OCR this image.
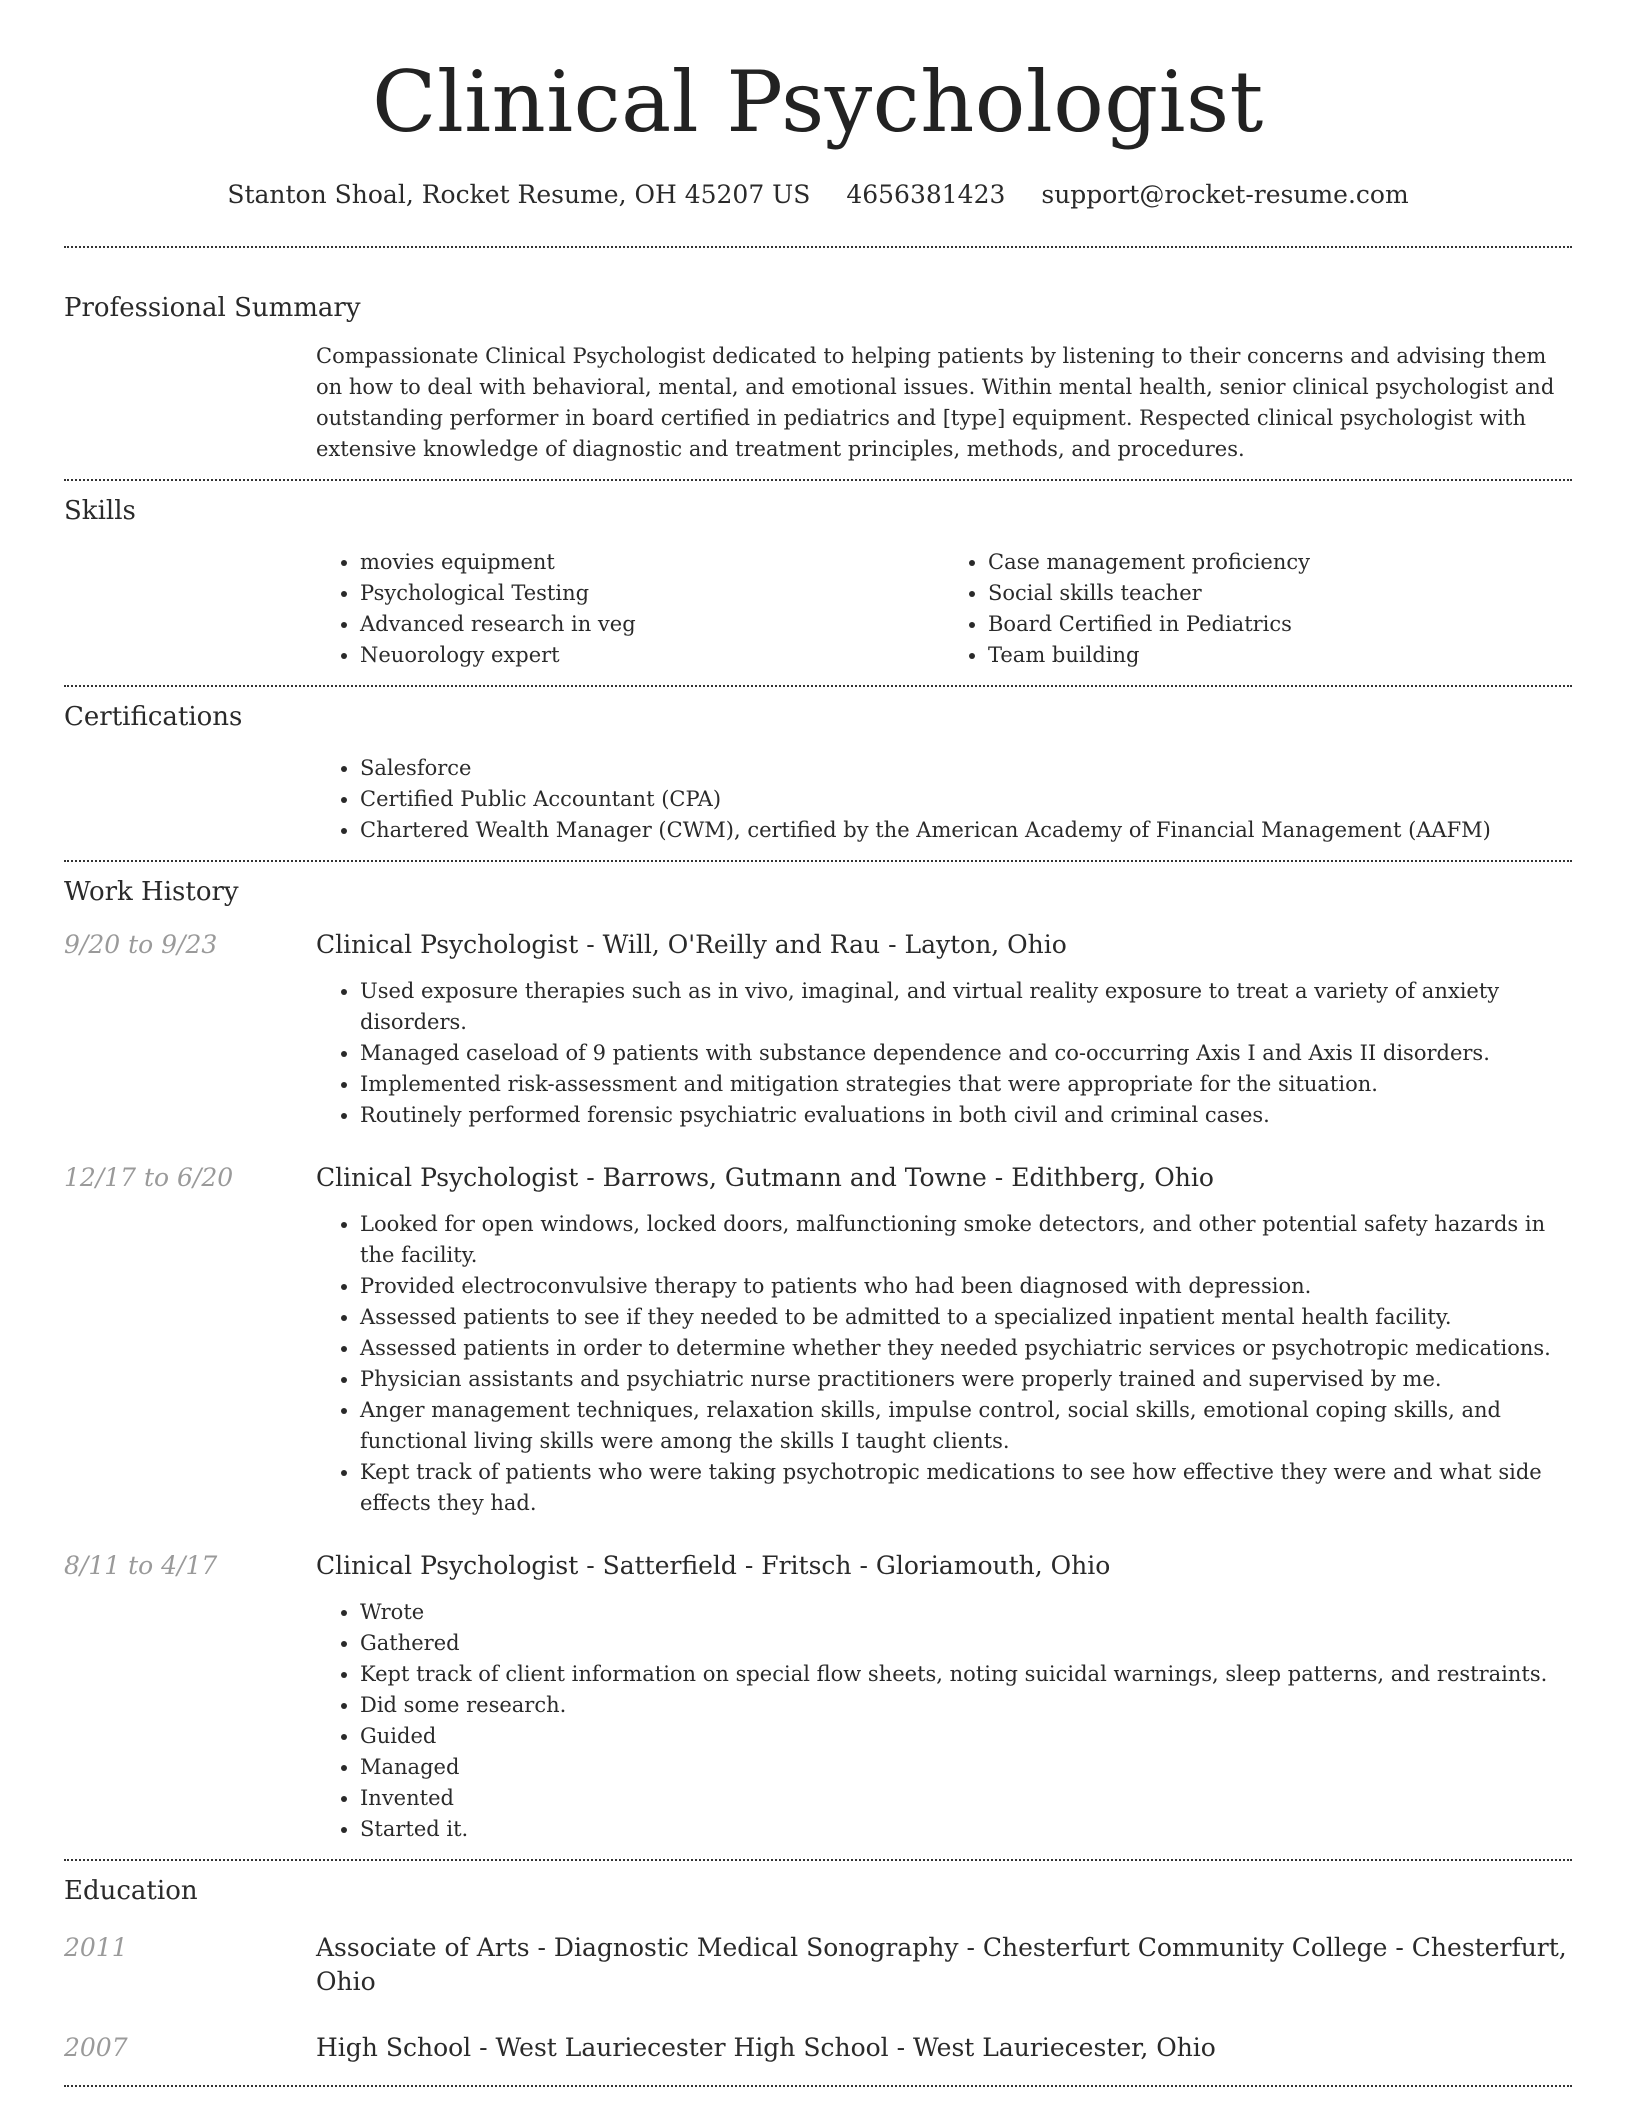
Clinical Psychologist
Stanton Shoal, Rocket Resume, OH 45207 US 4656381423 support@rocket-resume.com
Professional Summary

Compassionate Clinical Psychologist dedicated to helping patients by listening to their concerns and advising them on how to deal with behavioral, mental, and emotional issues. Within mental health, senior clinical psychologist and outstanding performer in board certified in pediatrics and [type] equipment. Respected clinical psychologist with extensive knowledge of diagnostic and treatment principles, methods, and procedures.

Skills
• movies equipment
• Psychological Testing
• Advanced research in veg
• Neuorology expert
• Case management proficiency
• Social skills teacher
• Board Certified in Pediatrics
• Team building
Certifications
• Salesforce
• Certified Public Accountant (CPA)
• Chartered Wealth Manager (CWM), certified by the American Academy of Financial Management (AAFM)
Work History
9/20 to 9/23	Clinical Psychologist - Will, O'Reilly and Rau - Layton, Ohio
• Used exposure therapies such as in vivo, imaginal, and virtual reality exposure to treat a variety of anxiety disorders.
• Managed caseload of 9 patients with substance dependence and co-occurring Axis I and Axis II disorders.
• Implemented risk-assessment and mitigation strategies that were appropriate for the situation.
• Routinely performed forensic psychiatric evaluations in both civil and criminal cases.
12/17 to 6/20	Clinical Psychologist - Barrows, Gutmann and Towne - Edithberg, Ohio
• Looked for open windows, locked doors, malfunctioning smoke detectors, and other potential safety hazards in the facility.
• Provided electroconvulsive therapy to patients who had been diagnosed with depression.
• Assessed patients to see if they needed to be admitted to a specialized inpatient mental health facility.
• Assessed patients in order to determine whether they needed psychiatric services or psychotropic medications.
• Physician assistants and psychiatric nurse practitioners were properly trained and supervised by me.
• Anger management techniques, relaxation skills, impulse control, social skills, emotional coping skills, and functional living skills were among the skills I taught clients.
• Kept track of patients who were taking psychotropic medications to see how effective they were and what side effects they had.
8/11 to 4/17	Clinical Psychologist - Satterfield - Fritsch - Gloriamouth, Ohio
• Wrote
• Gathered
• Kept track of client information on special flow sheets, noting suicidal warnings, sleep patterns, and restraints.
• Did some research.
• Guided
• Managed
• Invented
• Started it.
Education
2011	Associate of Arts - Diagnostic Medical Sonography - Chesterfurt Community College - Chesterfurt, Ohio
2007	High School - West Lauriecester High School - West Lauriecester, Ohio
